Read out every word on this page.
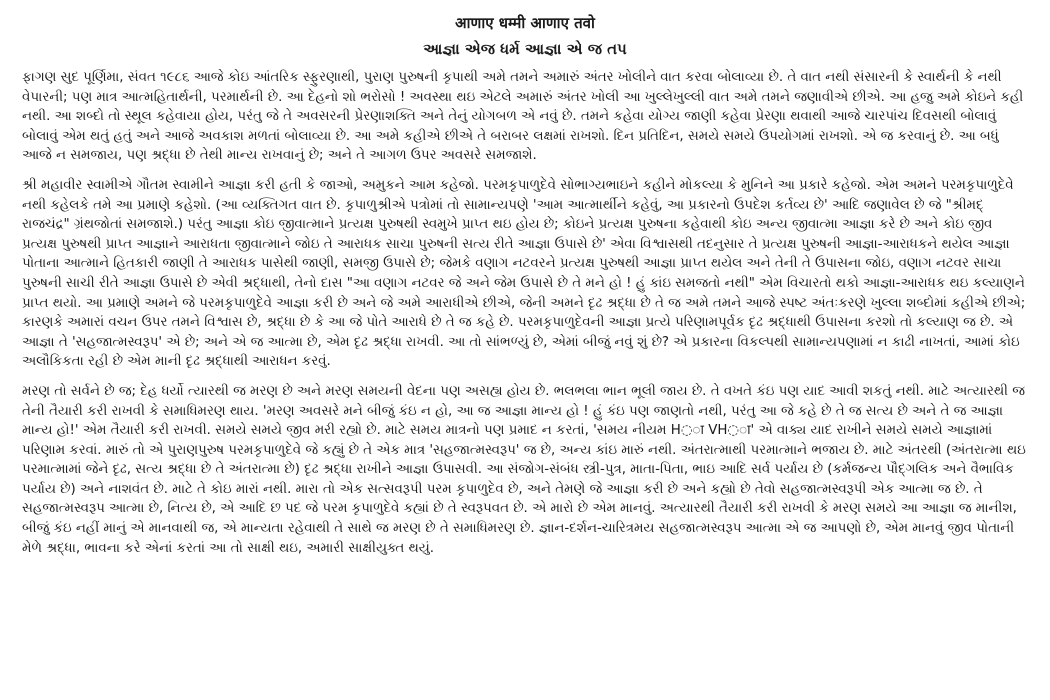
आणाए धम्मी आणाए तवो
આજ્ઞા એજ ધર્મ આજ્ઞા એ જ તપ

ફાગણ સુદ પૂર્ણિમા, સંવત ૧૯૮૬ આજે કોઇ આંતરિક સ્ફુરણાથી, પુરાણ પુરુષની કૃપાથી અમે તમને અમારું અંતર ખોલીને વાત કરવા બોલાવ્યા છે. તે વાત નથી સંસારની કે સ્વાર્થની કે નથી વેપારની; પણ માત્ર આત્મહિતાર્થની, પરમાર્થની છે. આ દેહનો શો ભરોસો ! અવસ્થા થઇ એટલે અમારું અંતર ખોલી આ ખુલ્લેખુલ્લી વાત અમે તમને જણાવીએ છીએ. આ હજુ અમે કોઇને કહી નથી. આ શબ્દો તો સ્થૂલ કહેવાયા હોય, પરંતુ જે તે અવસરની પ્રેરણાશક્તિ અને તેનું યોગબળ એ નવું છે. તમને કહેવા યોગ્ય જાણી કહેવા પ્રેરણા થવાથી આજે ચારપાંચ દિવસથી બોલાવું બોલાવું એમ થતું હતું અને આજે અવકાશ મળતાં બોલાવ્યા છે. આ અમે કહીએ છીએ તે બરાબર લક્ષમાં રાખશો. દિન પ્રતિદિન, સમયે સમયે ઉપયોગમાં રાખશો. એ જ કરવાનું છે. આ બધું આજે ન સમજાય, પણ શ્રદ્ધા છે તેથી માન્ય રાખવાનું છે; અને તે આગળ ઉપર અવસરે સમજાશે.

શ્રી મહાવીર સ્વામીએ ગૌતમ સ્વામીને આજ્ઞા કરી હતી કે જાઓ, અમુકને આમ કહેજો. પરમકૃપાળુદેવે સોભાગ્યભાઇને કહીને મોકલ્યા કે મુનિને આ પ્રકારે કહેજો. એમ અમને પરમકૃપાળુદેવે નથી કહેલકે તમે આ પ્રમાણે કહેશો. (આ વ્યક્તિગત વાત છે. કૃપાળુશ્રીએ પત્રોમાં તો સામાન્યપણે 'આમ આત્માર્થીને કહેવું, આ પ્રકારનો ઉપદેશ કર્તવ્ય છે' આદિ જણાવેલ છે જે "શ્રીમદ્ રાજચંદ્ર" ગ્રંથજોતાં સમજાશે.) પરંતુ આજ્ઞા કોઇ જીવાત્માને પ્રત્યક્ષ પુરુષથી સ્વમુખે પ્રાપ્ત થઇ હોય છે; કોઇને પ્રત્યક્ષ પુરુષના કહેવાથી કોઇ અન્ય જીવાત્મા આજ્ઞા કરે છે અને કોઇ જીવ પ્રત્યક્ષ પુરુષથી પ્રાપ્ત આજ્ઞાને આરાધતા જીવાત્માને જોઇ તે આરાધક સાચા પુરુષની સત્ય રીતે આજ્ઞા ઉપાસે છે' એવા વિશ્વાસથી તદનુસાર તે પ્રત્યક્ષ પુરુષની આજ્ઞા-આરાધકને થયેલ આજ્ઞા પોતાના આત્માને હિતકારી જાણી તે આરાધક પાસેથી જાણી, સમજી ઉપાસે છે; જેમકે વણાગ નટવરને પ્રત્યક્ષ પુરુષથી આજ્ઞા પ્રાપ્ત થયેલ અને તેની તે ઉપાસના જોઇ, વણાગ નટવર સાચા પુરુષની સાચી રીતે આજ્ઞા ઉપાસે છે એવી શ્રદ્ધાથી, તેનો દાસ "આ વણાગ નટવર જે અને જેમ ઉપાસે છે તે મને હો ! હું કાંઇ સમજતો નથી" એમ વિચારતો થકો આજ્ઞા-આરાધક થઇ કલ્યાણને પ્રાપ્ત થયો. આ પ્રમાણે અમને જે પરમકૃપાળુદેવે આજ્ઞા કરી છે અને જે અમે આરાધીએ છીએ, જેની અમને દૃઢ શ્રદ્ધા છે તે જ અમે તમને આજે સ્પષ્ટ અંતઃકરણે ખુલ્લા શબ્દોમાં કહીએ છીએ; કારણકે અમારાં વચન ઉપર તમને વિશ્વાસ છે, શ્રદ્ધા છે કે આ જે પોતે આરાધે છે તે જ કહે છે. પરમકૃપાળુદેવની આજ્ઞા પ્રત્યે પરિણામપૂર્વક દૃઢ શ્રદ્ધાથી ઉપાસના કરશો તો કલ્યાણ જ છે. એ આજ્ઞા તે 'સહજાત્મસ્વરૂપ' એ છે; અને એ જ આત્મા છે, એમ દૃઢ શ્રદ્ધા રાખવી. આ તો સાંભળ્યું છે, એમાં બીજું નવું શું છે? એ પ્રકારના વિકલ્પથી સામાન્યપણામાં ન કાઢી નાખતાં, આમાં કોઇ અલૌકિકતા રહી છે એમ માની દૃઢ શ્રદ્ધાથી આરાધન કરવું.

મરણ તો સર્વને છે જ; દેહ ધર્યો ત્યારથી જ મરણ છે અને મરણ સમયની વેદના પણ અસહ્ય હોય છે. ભલભલા ભાન ભૂલી જાય છે. તે વખતે કંઇ પણ યાદ આવી શકતું નથી. માટે અત્યારથી જ તેની તૈયારી કરી રાખવી કે સમાધિમરણ થાય. 'મરણ અવસરે મને બીજું કંઇ ન હો, આ જ આજ્ઞા માન્ય હો ! હું કંઇ પણ જાણતો નથી, પરંતુ આ જે કહે છે તે જ સત્ય છે અને તે જ આજ્ઞા માન્ય હો!' એમ તૈયારી કરી રાખવી. સમયે સમયે જીવ મરી રહ્યો છે. માટે સમય માત્રનો પણ પ્રમાદ ન કરતાં, 'સમય નીયમ H◌ा VH◌ा' એ વાક્ય યાદ રાખીને સમયે સમયે આજ્ઞામાં પરિણામ કરવાં. મારું તો એ પુરાણપુરુષ પરમકૃપાળુદેવે જે કહ્યું છે તે એક માત્ર 'સહજાત્મસ્વરૂપ' જ છે, અન્ય કાંઇ મારું નથી. અંતરાત્માથી પરમાત્માને ભજાય છે. માટે અંતરથી (અંતરાત્મા થઇ પરમાત્મામાં જેને દૃઢ, સત્ય શ્રદ્ધા છે તે અંતરાત્મા છે) દૃઢ શ્રદ્ધા રાખીને આજ્ઞા ઉપાસવી. આ સંજોગ-સંબંધ સ્ત્રી-પુત્ર, માતા-પિતા, ભાઇ આદિ સર્વ પર્યાય છે (કર્મજન્ય પૌદ્ગલિક અને વૈભાવિક પર્યાય છે) અને નાશવંત છે. માટે તે કોઇ મારાં નથી. મારા તો એક સત્સવરૂપી પરમ કૃપાળુદેવ છે, અને તેમણે જે આજ્ઞા કરી છે અને કહ્યો છે તેવો સહજાત્મસ્વરૂપી એક આત્મા જ છે. તે સહજાત્મસ્વરૂપ આત્મા છે, નિત્ય છે, એ આદિ છ પદ જે પરમ કૃપાળુદેવે કહ્યાં છે તે સ્વરૂપવત છે. એ મારો છે એમ માનવું. અત્યારથી તૈયારી કરી રાખવી કે મરણ સમયે આ આજ્ઞા જ માનીશ, બીજું કંઇ નહીં માનું એ માનવાથી જ, એ માન્યતા રહેવાથી તે સાથે જ મરણ છે તે સમાધિમરણ છે. જ્ઞાન-દર્શન-ચારિત્રમય સહજાત્મસ્વરૂપ આત્મા એ જ આપણો છે, એમ માનવું જીવ પોતાની મેળે શ્રદ્ધા, ભાવના કરે એનાં કરતાં આ તો સાક્ષી થઇ, અમારી સાક્ષીયુક્ત થયું.
